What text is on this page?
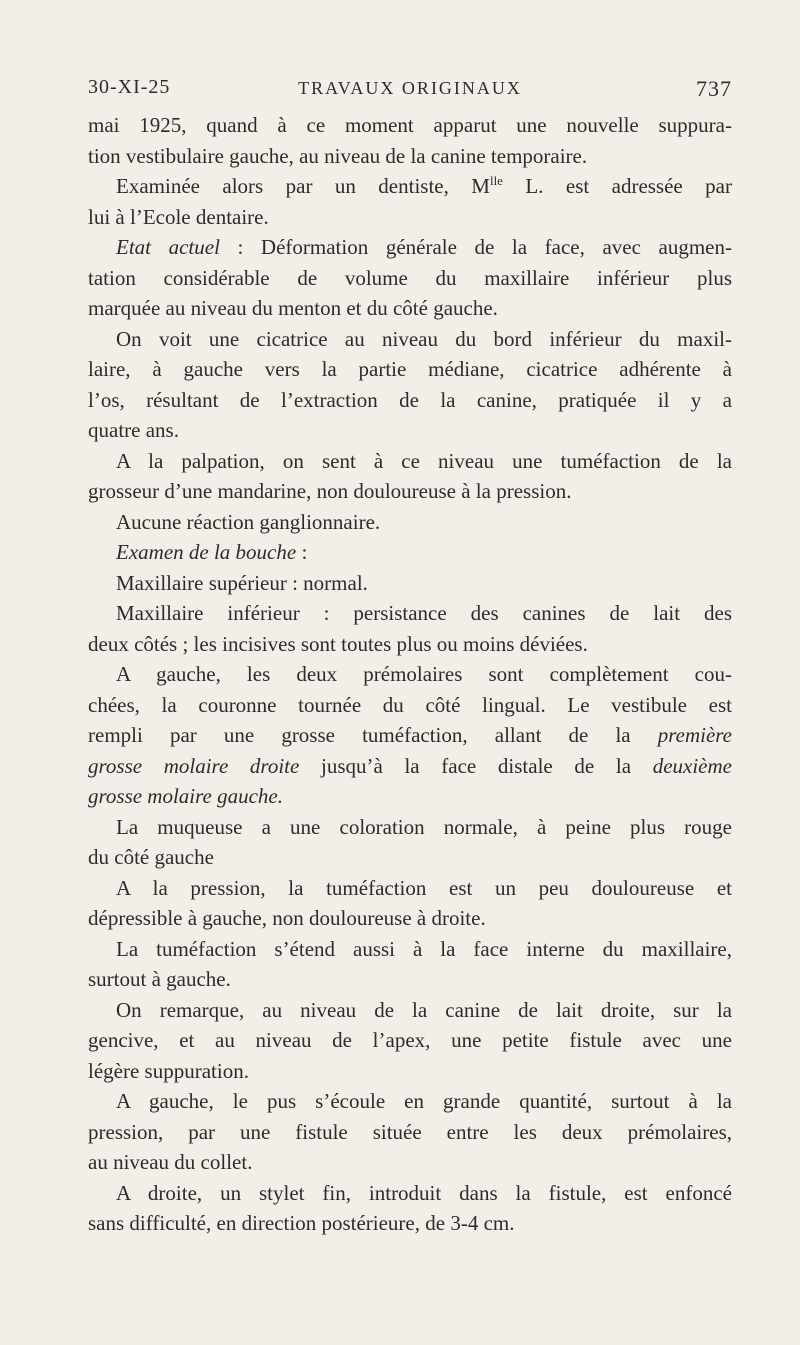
30-XI-25	TRAVAUX ORIGINAUX	737
mai 1925, quand à ce moment apparut une nouvelle suppura-
tion vestibulaire gauche, au niveau de la canine temporaire.
Examinée alors par un dentiste, $M^{lle}$ L. est adressée par
lui à l’Ecole dentaire.
Etat actuel : Déformation générale de la face, avec augmen-
tation considérable de volume du maxillaire inférieur plus
marquée au niveau du menton et du côté gauche.
On voit une cicatrice au niveau du bord inférieur du maxil-
laire, à gauche vers la partie médiane, cicatrice adhérente à
l’os, résultant de l’extraction de la canine, pratiquée il y a
quatre ans.
A la palpation, on sent à ce niveau une tuméfaction de la
grosseur d’une mandarine, non douloureuse à la pression.
Aucune réaction ganglionnaire.
Examen de la bouche :
Maxillaire supérieur : normal.
Maxillaire inférieur : persistance des canines de lait des
deux côtés ; les incisives sont toutes plus ou moins déviées.
A gauche, les deux prémolaires sont complètement cou-
chées, la couronne tournée du côté lingual. Le vestibule est
rempli par une grosse tuméfaction, allant de la première
grosse molaire droite jusqu’à la face distale de la deuxième
grosse molaire gauche.
La muqueuse a une coloration normale, à peine plus rouge
du côté gauche
A la pression, la tuméfaction est un peu douloureuse et
dépressible à gauche, non douloureuse à droite.
La tuméfaction s’étend aussi à la face interne du maxillaire,
surtout à gauche.
On remarque, au niveau de la canine de lait droite, sur la
gencive, et au niveau de l’apex, une petite fistule avec une
légère suppuration.
A gauche, le pus s’écoule en grande quantité, surtout à la
pression, par une fistule située entre les deux prémolaires,
au niveau du collet.
A droite, un stylet fin, introduit dans la fistule, est enfoncé
sans difficulté, en direction postérieure, de 3-4 cm.
